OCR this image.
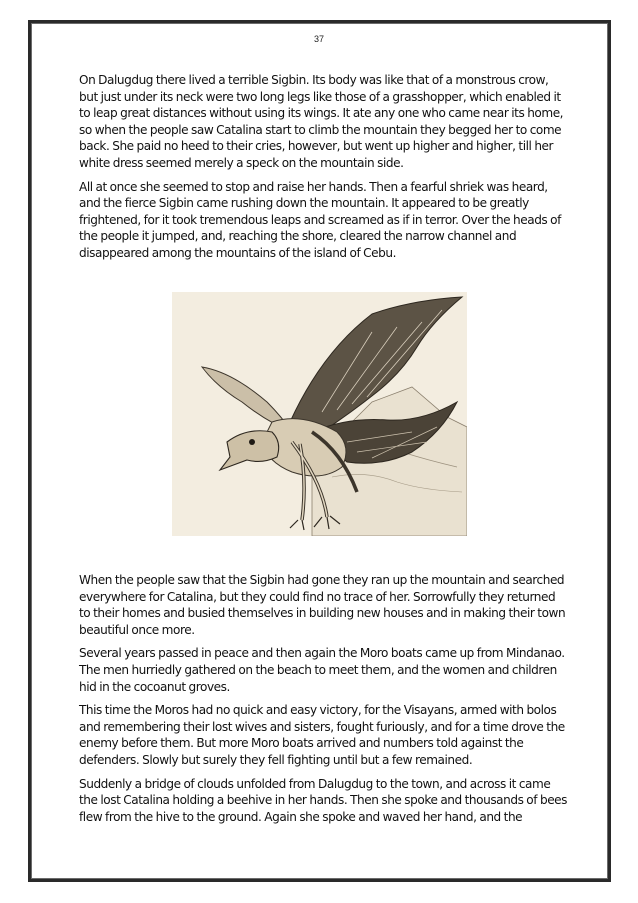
37

On Dalugdug there lived a terrible Sigbin. Its body was like that of a monstrous crow, but just under its neck were two long legs like those of a grasshopper, which enabled it to leap great distances without using its wings. It ate any one who came near its home, so when the people saw Catalina start to climb the mountain they begged her to come back. She paid no heed to their cries, however, but went up higher and higher, till her white dress seemed merely a speck on the mountain side.

All at once she seemed to stop and raise her hands. Then a fearful shriek was heard, and the fierce Sigbin came rushing down the mountain. It appeared to be greatly frightened, for it took tremendous leaps and screamed as if in terror. Over the heads of the people it jumped, and, reaching the shore, cleared the narrow channel and disappeared among the mountains of the island of Cebu.

When the people saw that the Sigbin had gone they ran up the mountain and searched everywhere for Catalina, but they could find no trace of her. Sorrowfully they returned to their homes and busied themselves in building new houses and in making their town beautiful once more.

Several years passed in peace and then again the Moro boats came up from Mindanao. The men hurriedly gathered on the beach to meet them, and the women and children hid in the cocoanut groves.

This time the Moros had no quick and easy victory, for the Visayans, armed with bolos and remembering their lost wives and sisters, fought furiously, and for a time drove the enemy before them. But more Moro boats arrived and numbers told against the defenders. Slowly but surely they fell fighting until but a few remained.

Suddenly a bridge of clouds unfolded from Dalugdug to the town, and across it came the lost Catalina holding a beehive in her hands. Then she spoke and thousands of bees flew from the hive to the ground. Again she spoke and waved her hand, and the
